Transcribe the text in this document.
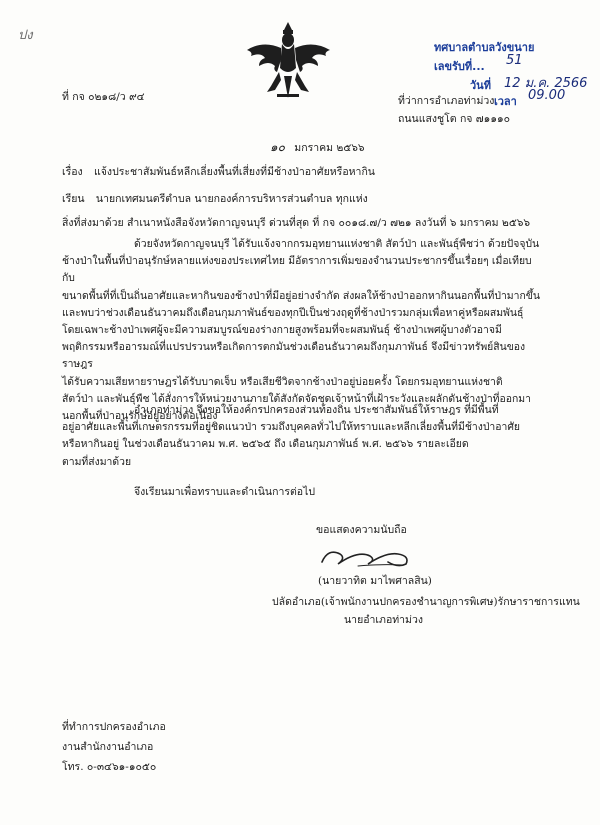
ปง
ทศบาลตำบลวังขนาย
เลขรับที่... 51
วันที่ 12 ม.ค. 2566
เวลา 09.00
ที่ กจ ๐๒๑๘/ว ๙๔	ที่ว่าการอำเภอท่าม่วง
ถนนแสงชูโต กจ ๗๑๑๑๐
๑๐ มกราคม ๒๕๖๖
เรื่อง แจ้งประชาสัมพันธ์หลีกเลี่ยงพื้นที่เสี่ยงที่มีช้างป่าอาศัยหรือหากิน
เรียน นายกเทศมนตรีตำบล นายกองค์การบริหารส่วนตำบล ทุกแห่ง
สิ่งที่ส่งมาด้วย สำเนาหนังสือจังหวัดกาญจนบุรี ด่วนที่สุด ที่ กจ ๐๐๑๘.๗/ว ๗๒๑ ลงวันที่ ๖ มกราคม ๒๕๖๖
ด้วยจังหวัดกาญจนบุรี ได้รับแจ้งจากกรมอุทยานแห่งชาติ สัตว์ป่า และพันธุ์พืชว่า ด้วยปัจจุบัน
ช้างป่าในพื้นที่ป่าอนุรักษ์หลายแห่งของประเทศไทย มีอัตราการเพิ่มของจำนวนประชากรขึ้นเรื่อยๆ เมื่อเทียบกับ
ขนาดพื้นที่ที่เป็นถิ่นอาศัยและหากินของช้างป่าที่มีอยู่อย่างจำกัด ส่งผลให้ช้างป่าออกหากินนอกพื้นที่ป่ามากขึ้น
และพบว่าช่วงเดือนธันวาคมถึงเดือนกุมภาพันธ์ของทุกปีเป็นช่วงฤดูที่ช้างป่ารวมกลุ่มเพื่อหาคู่หรือผสมพันธุ์
โดยเฉพาะช้างป่าเพศผู้จะมีความสมบูรณ์ของร่างกายสูงพร้อมที่จะผสมพันธุ์ ช้างป่าเพศผู้บางตัวอาจมี
พฤติกรรมหรืออารมณ์ที่แปรปรวนหรือเกิดการตกมันช่วงเดือนธันวาคมถึงกุมภาพันธ์ จึงมีข่าวทรัพย์สินของราษฎร
ได้รับความเสียหายราษฎรได้รับบาดเจ็บ หรือเสียชีวิตจากช้างป่าอยู่บ่อยครั้ง โดยกรมอุทยานแห่งชาติ
สัตว์ป่า และพันธุ์พืช ได้สั่งการให้หน่วยงานภายใต้สังกัดจัดชุดเจ้าหน้าที่เฝ้าระวังและผลักดันช้างป่าที่ออกมา
นอกพื้นที่ป่าอนุรักษ์อยู่อย่างต่อเนื่อง
อำเภอท่าม่วง จึงขอให้องค์กรปกครองส่วนท้องถิ่น ประชาสัมพันธ์ให้ราษฎร ที่มีพื้นที่
อยู่อาศัยและพื้นที่เกษตรกรรมที่อยู่ชิดแนวป่า รวมถึงบุคคลทั่วไปให้ทราบและหลีกเลี่ยงพื้นที่มีช้างป่าอาศัย
หรือหากินอยู่ ในช่วงเดือนธันวาคม พ.ศ. ๒๕๖๕ ถึง เดือนกุมภาพันธ์ พ.ศ. ๒๕๖๖ รายละเอียด
ตามที่ส่งมาด้วย
จึงเรียนมาเพื่อทราบและดำเนินการต่อไป
ขอแสดงความนับถือ
(นายวาทิต มาไพศาลสิน)
ปลัดอำเภอ(เจ้าพนักงานปกครองชำนาญการพิเศษ)รักษาราชการแทน
นายอำเภอท่าม่วง
ที่ทำการปกครองอำเภอ
งานสำนักงานอำเภอ
โทร. ๐-๓๔๖๑-๑๐๕๐
